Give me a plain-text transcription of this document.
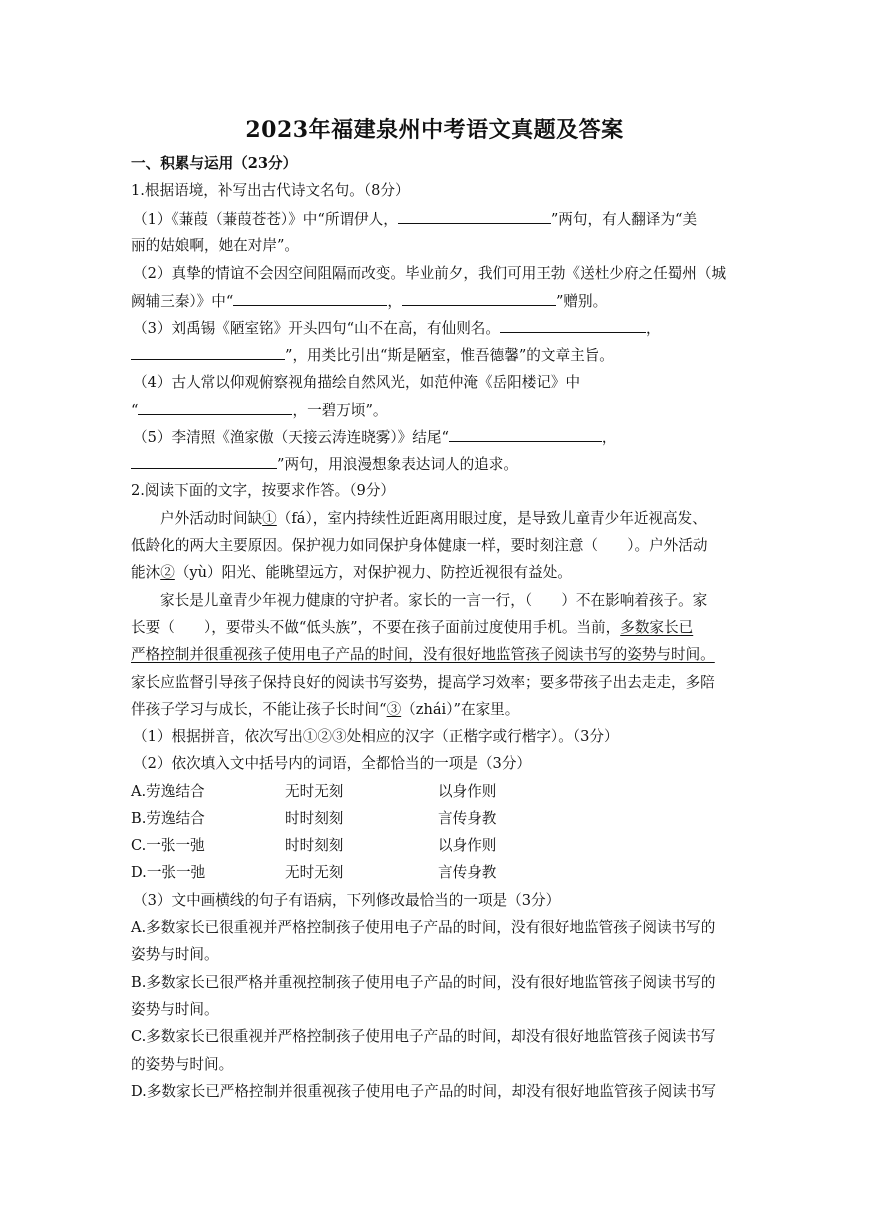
2023年福建泉州中考语文真题及答案
一、积累与运用（23分）
1.根据语境，补写出古代诗文名句。（8分）
（1）《蒹葭（蒹葭苍苍）》中“所谓伊人，	”两句，有人翻译为“美
丽的姑娘啊，她在对岸”。
（2）真挚的情谊不会因空间阻隔而改变。毕业前夕，我们可用王勃《送杜少府之任蜀州（城
阙辅三秦）》中“	，	”赠别。
（3）刘禹锡《陋室铭》开头四句“山不在高，有仙则名。	，
”，用类比引出“斯是陋室，惟吾德馨”的文章主旨。
（4）古人常以仰观俯察视角描绘自然风光，如范仲淹《岳阳楼记》中
“	，一碧万顷”。
（5）李清照《渔家傲（天接云涛连晓雾）》结尾“	，
”两句，用浪漫想象表达词人的追求。
2.阅读下面的文字，按要求作答。（9分）
户外活动时间缺①（fá），室内持续性近距离用眼过度，是导致儿童青少年近视高发、
低龄化的两大主要原因。保护视力如同保护身体健康一样，要时刻注意（　　）。户外活动
能沐②（yù）阳光、能眺望远方，对保护视力、防控近视很有益处。
家长是儿童青少年视力健康的守护者。家长的一言一行，（　　）不在影响着孩子。家
长要（　　），要带头不做“低头族”，不要在孩子面前过度使用手机。当前，多数家长已
严格控制并很重视孩子使用电子产品的时间，没有很好地监管孩子阅读书写的姿势与时间。
家长应监督引导孩子保持良好的阅读书写姿势，提高学习效率；要多带孩子出去走走，多陪
伴孩子学习与成长，不能让孩子长时间“③（zhái）”在家里。
（1）根据拼音，依次写出①②③处相应的汉字（正楷字或行楷字）。（3分）
（2）依次填入文中括号内的词语，全都恰当的一项是（3分）
A.劳逸结合	无时无刻	以身作则
B.劳逸结合	时时刻刻	言传身教
C.一张一弛	时时刻刻	以身作则
D.一张一弛	无时无刻	言传身教
（3）文中画横线的句子有语病，下列修改最恰当的一项是（3分）
A.多数家长已很重视并严格控制孩子使用电子产品的时间，没有很好地监管孩子阅读书写的
姿势与时间。
B.多数家长已很严格并重视控制孩子使用电子产品的时间，没有很好地监管孩子阅读书写的
姿势与时间。
C.多数家长已很重视并严格控制孩子使用电子产品的时间，却没有很好地监管孩子阅读书写
的姿势与时间。
D.多数家长已严格控制并很重视孩子使用电子产品的时间，却没有很好地监管孩子阅读书写
